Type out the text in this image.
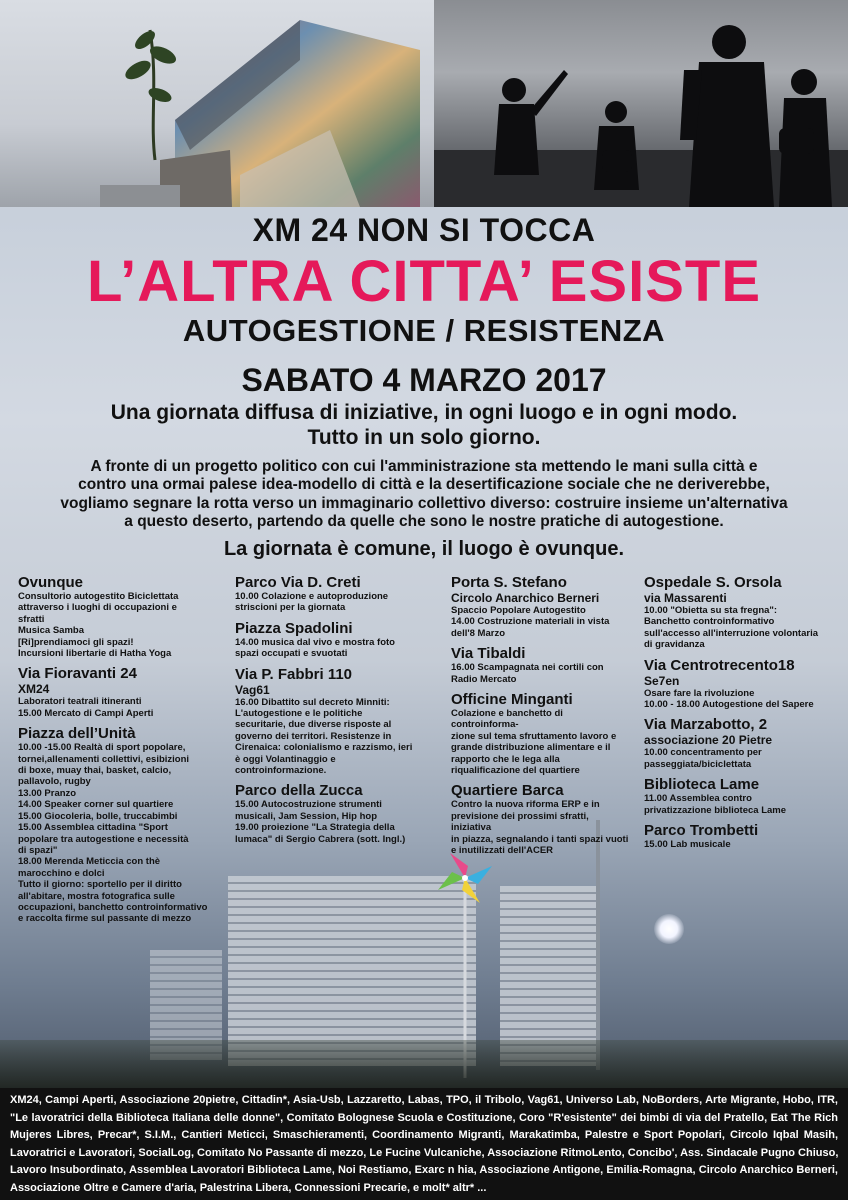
XM 24 NON SI TOCCA
L’ALTRA CITTA’ ESISTE
AUTOGESTIONE / RESISTENZA
SABATO 4 MARZO 2017
Una giornata diffusa di iniziative, in ogni luogo e in ogni modo.
Tutto in un solo giorno.
A fronte di un progetto politico con cui l'amministrazione sta mettendo le mani sulla città e
contro una ormai palese idea-modello di città e la desertificazione sociale che ne deriverebbe,
vogliamo segnare la rotta verso un immaginario collettivo diverso: costruire insieme un'alternativa
a questo deserto, partendo da quelle che sono le nostre pratiche di autogestione.
La giornata è comune, il luogo è ovunque.
Ovunque
Consultorio autogestito Biciclettata
attraverso i luoghi di occupazioni e
sfratti
Musica Samba
[Ri]prendiamoci gli spazi!
Incursioni libertarie di Hatha Yoga
Via Fioravanti 24
XM24
Laboratori teatrali itineranti
15.00 Mercato di Campi Aperti
Piazza dell’Unità
10.00 -15.00 Realtà di sport popolare,
tornei,allenamenti collettivi, esibizioni
di boxe, muay thai, basket, calcio,
pallavolo, rugby
13.00 Pranzo
14.00 Speaker corner sul quartiere
15.00 Giocoleria, bolle, truccabimbi
15.00 Assemblea cittadina "Sport
popolare tra autogestione e necessità
di spazi"
18.00 Merenda Meticcia con thè
marocchino e dolci
Tutto il giorno: sportello per il diritto
all'abitare, mostra fotografica sulle
occupazioni, banchetto controinformativo
e raccolta firme sul passante di mezzo
Parco Via D. Creti
10.00 Colazione e autoproduzione
striscioni per la giornata
Piazza Spadolini
14.00 musica dal vivo e mostra foto
spazi occupati e svuotati
Via P. Fabbri 110
Vag61
16.00 Dibattito sul decreto Minniti:
L'autogestione e le politiche
securitarie, due diverse risposte al
governo dei territori. Resistenze in
Cirenaica: colonialismo e razzismo, ieri
è oggi Volantinaggio e
controinformazione.
Parco della Zucca
15.00 Autocostruzione strumenti
musicali, Jam Session, Hip hop
19.00 proiezione "La Strategia della
lumaca" di Sergio Cabrera (sott. Ingl.)
Porta S. Stefano
Circolo Anarchico Berneri
Spaccio Popolare Autogestito
14.00 Costruzione materiali in vista
dell'8 Marzo
Via Tibaldi
16.00 Scampagnata nei cortili con
Radio Mercato
Officine Minganti
Colazione e banchetto di controinforma-
zione sul tema sfruttamento lavoro e
grande distribuzione alimentare e il
rapporto che le lega alla
riqualificazione del quartiere
Quartiere Barca
Contro la nuova riforma ERP e in
previsione dei prossimi sfratti, iniziativa
in piazza, segnalando i tanti spazi vuoti
e inutilizzati dell'ACER
Ospedale S. Orsola
via Massarenti
10.00 "Obietta su sta fregna":
Banchetto controinformativo
sull'accesso all'interruzione volontaria
di gravidanza
Via Centrotrecento18
Se7en
Osare fare la rivoluzione
10.00 - 18.00 Autogestione del Sapere
Via Marzabotto, 2
associazione 20 Pietre
10.00 concentramento per
passeggiata/biciclettata
Biblioteca Lame
11.00 Assemblea contro
privatizzazione biblioteca Lame
Parco Trombetti
15.00 Lab musicale

XM24, Campi Aperti, Associazione 20pietre, Cittadin*, Asia-Usb, Lazzaretto, Labas, TPO, il Tribolo, Vag61, Universo Lab, NoBorders, Arte Migrante, Hobo, ITR,

"Le lavoratrici della Biblioteca Italiana delle donne", Comitato Bolognese Scuola e Costituzione, Coro "R'esistente" dei bimbi di via del Pratello, Eat The Rich

Mujeres Libres, Precar*, S.I.M., Cantieri Meticci, Smaschieramenti, Coordinamento Migranti, Marakatimba, Palestre e Sport Popolari, Circolo Iqbal Masih,

Lavoratrici e Lavoratori, SocialLog, Comitato No Passante di mezzo, Le Fucine Vulcaniche, Associazione RitmoLento, Concibo', Ass. Sindacale Pugno Chiuso,

Lavoro Insubordinato, Assemblea Lavoratori Biblioteca Lame, Noi Restiamo, Exarc n hia, Associazione Antigone, Emilia-Romagna, Circolo Anarchico Berneri,

Associazione Oltre e Camere d'aria, Palestrina Libera, Connessioni Precarie, e molt* altr* ...
